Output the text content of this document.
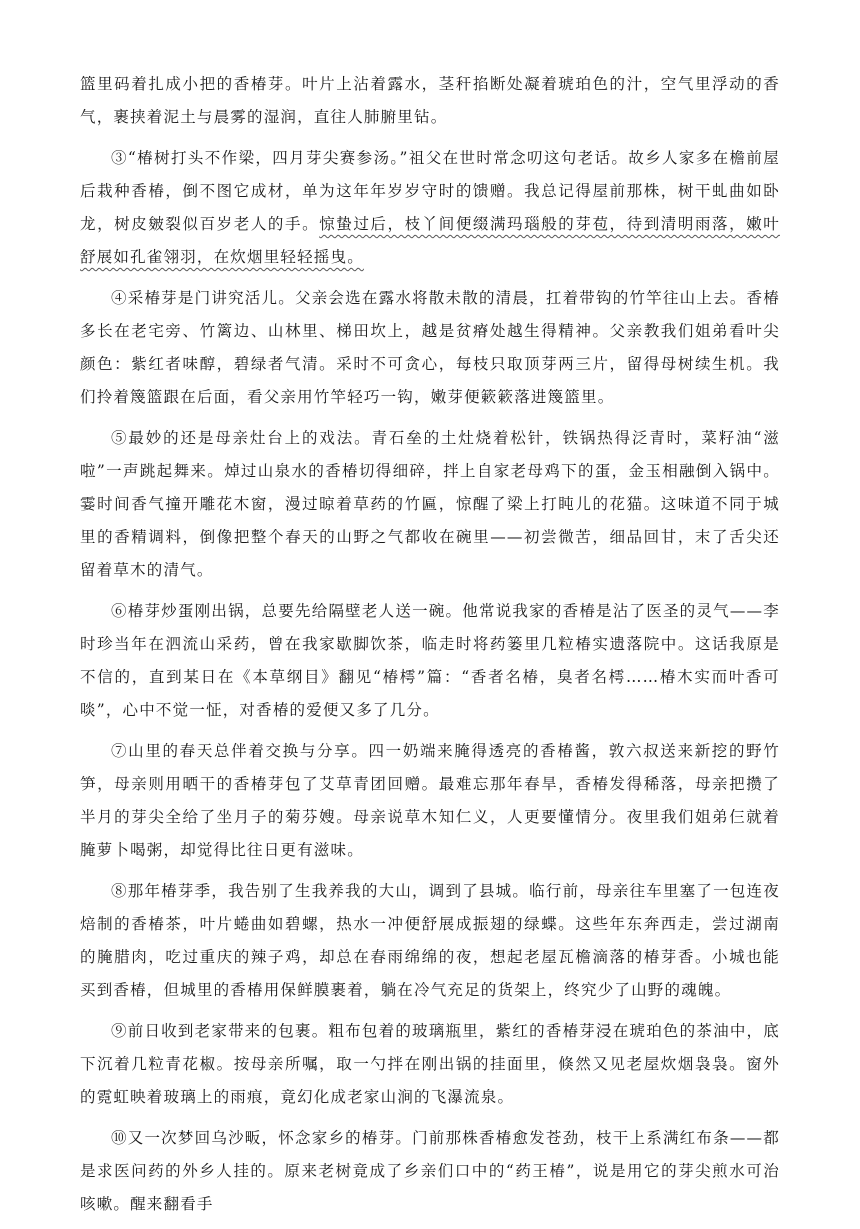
篮里码着扎成小把的香椿芽。叶片上沾着露水，茎秆掐断处凝着琥珀色的汁，空气里浮动的香气，裹挟着泥土与晨雾的湿润，直往人肺腑里钻。

③“椿树打头不作梁，四月芽尖赛参汤。”祖父在世时常念叨这句老话。故乡人家多在檐前屋后栽种香椿，倒不图它成材，单为这年年岁岁守时的馈赠。我总记得屋前那株，树干虬曲如卧龙，树皮皴裂似百岁老人的手。惊蛰过后，枝丫间便缀满玛瑙般的芽苞，待到清明雨落，嫩叶舒展如孔雀翎羽，在炊烟里轻轻摇曳。

④采椿芽是门讲究活儿。父亲会选在露水将散未散的清晨，扛着带钩的竹竿往山上去。香椿多长在老宅旁、竹篱边、山林里、梯田坎上，越是贫瘠处越生得精神。父亲教我们姐弟看叶尖颜色：紫红者味醇，碧绿者气清。采时不可贪心，每枝只取顶芽两三片，留得母树续生机。我们拎着篾篮跟在后面，看父亲用竹竿轻巧一钩，嫩芽便簌簌落进篾篮里。

⑤最妙的还是母亲灶台上的戏法。青石垒的土灶烧着松针，铁锅热得泛青时，菜籽油“滋啦”一声跳起舞来。焯过山泉水的香椿切得细碎，拌上自家老母鸡下的蛋，金玉相融倒入锅中。霎时间香气撞开雕花木窗，漫过晾着草药的竹匾，惊醒了梁上打盹儿的花猫。这味道不同于城里的香精调料，倒像把整个春天的山野之气都收在碗里——初尝微苦，细品回甘，末了舌尖还留着草木的清气。

⑥椿芽炒蛋刚出锅，总要先给隔壁老人送一碗。他常说我家的香椿是沾了医圣的灵气——李时珍当年在泗流山采药，曾在我家歇脚饮茶，临走时将药篓里几粒椿实遗落院中。这话我原是不信的，直到某日在《本草纲目》翻见“椿樗”篇：“香者名椿，臭者名樗……椿木实而叶香可啖”，心中不觉一怔，对香椿的爱便又多了几分。

⑦山里的春天总伴着交换与分享。四一奶端来腌得透亮的香椿酱，敦六叔送来新挖的野竹笋，母亲则用晒干的香椿芽包了艾草青团回赠。最难忘那年春旱，香椿发得稀落，母亲把攒了半月的芽尖全给了坐月子的菊芬嫂。母亲说草木知仁义，人更要懂情分。夜里我们姐弟仨就着腌萝卜喝粥，却觉得比往日更有滋味。

⑧那年椿芽季，我告别了生我养我的大山，调到了县城。临行前，母亲往车里塞了一包连夜焙制的香椿茶，叶片蜷曲如碧螺，热水一冲便舒展成振翅的绿蝶。这些年东奔西走，尝过湖南的腌腊肉，吃过重庆的辣子鸡，却总在春雨绵绵的夜，想起老屋瓦檐滴落的椿芽香。小城也能买到香椿，但城里的香椿用保鲜膜裹着，躺在冷气充足的货架上，终究少了山野的魂魄。

⑨前日收到老家带来的包裹。粗布包着的玻璃瓶里，紫红的香椿芽浸在琥珀色的茶油中，底下沉着几粒青花椒。按母亲所嘱，取一勺拌在刚出锅的挂面里，倏然又见老屋炊烟袅袅。窗外的霓虹映着玻璃上的雨痕，竟幻化成老家山涧的飞瀑流泉。

⑩又一次梦回乌沙畈，怀念家乡的椿芽。门前那株香椿愈发苍劲，枝干上系满红布条——都是求医问药的外乡人挂的。原来老树竟成了乡亲们口中的“药王椿”，说是用它的芽尖煎水可治咳嗽。醒来翻看手
